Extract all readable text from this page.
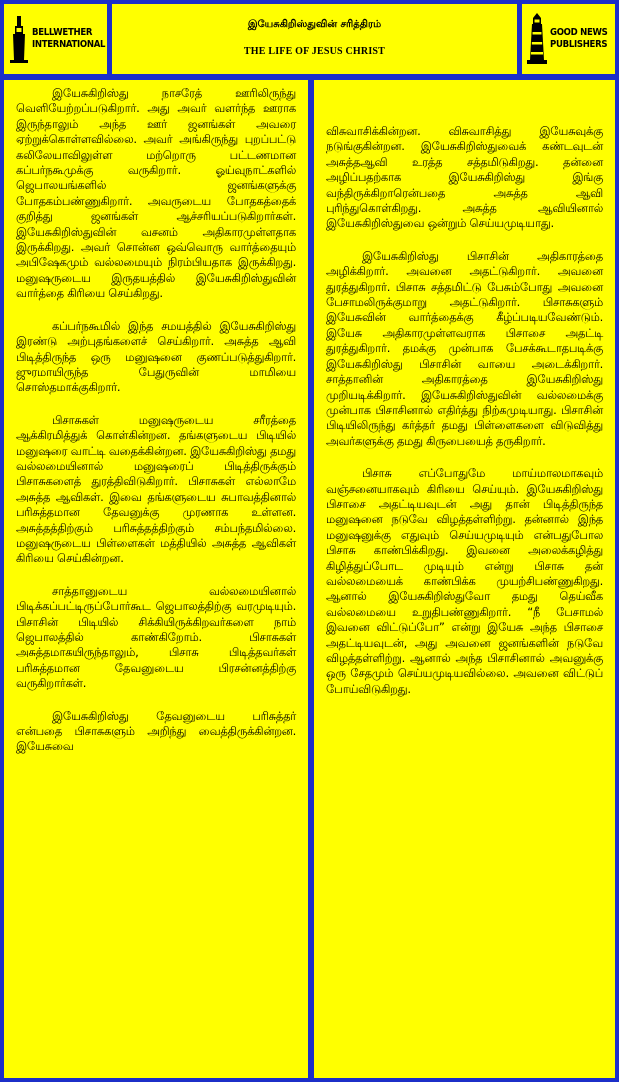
BELLWETHER
INTERNATIONAL
இயேசுகிறிஸ்துவின் சரித்திரம்
THE LIFE OF JESUS CHRIST
GOOD NEWS
PUBLISHERS

இயேசுகிறிஸ்து நாசரேத் ஊரிலிருந்து வெளியேற்றப்படுகிறார். அது அவர் வளர்ந்த ஊராக இருந்தாலும் அந்த ஊர் ஜனங்கள் அவரை ஏற்றுக்கொள்ளவில்லை. அவர் அங்கிருந்து புறப்பட்டு கலிலேயாவிலுள்ள மற்றொரு பட்டணமான கப்பர்நகூமுக்கு வருகிறார். ஓய்வுநாட்களில் ஜெபாலயங்களில் ஜனங்களுக்கு போதகம்பண்ணுகிறார். அவருடைய போதகத்தைக் குறித்து ஜனங்கள் ஆச்சரியப்படுகிறார்கள். இயேசுகிறிஸ்துவின் வசனம் அதிகாரமுள்ளதாக இருக்கிறது. அவர் சொன்ன ஒவ்வொரு வார்த்தையும் அபிஷேகமும் வல்லமையும் நிரம்பியதாக இருக்கிறது. மனுஷருடைய இருதயத்தில் இயேசுகிறிஸ்துவின் வார்த்தை கிரியை செய்கிறது.

கப்பர்நகூமில் இந்த சமயத்தில் இயேசுகிறிஸ்து இரண்டு அற்புதங்களைச் செய்கிறார். அசுத்த ஆவி பிடித்திருந்த ஒரு மனுஷனை குணப்படுத்துகிறார். ஜுரமாயிருந்த பேதுருவின் மாமியை சொஸ்தமாக்குகிறார்.

பிசாசுகள் மனுஷருடைய சரீரத்தை ஆக்கிரமித்துக் கொள்கின்றன. தங்களுடைய பிடியில் மனுஷரை வாட்டி வதைக்கின்றன. இயேசுகிறிஸ்து தமது வல்லமையினால் மனுஷரைப் பிடித்திருக்கும் பிசாசுகளைத் துரத்திவிடுகிறார். பிசாசுகள் எல்லாமே அசுத்த ஆவிகள். இவை தங்களுடைய சுபாவத்தினால் பரிசுத்தமான தேவனுக்கு முரணாக உள்ளன. அசுத்தத்திற்கும் பரிசுத்தத்திற்கும் சம்பந்தமில்லை. மனுஷருடைய பிள்ளைகள் மத்தியில் அசுத்த ஆவிகள் கிரியை செய்கின்றன.

சாத்தானுடைய வல்லமையினால் பிடிக்கப்பட்டிருப்போர்கூட ஜெபாலத்திற்கு வரமுடியும். பிசாசின் பிடியில் சிக்கியிருக்கிறவர்களை நாம் ஜெபாலத்தில் காண்கிறோம். பிசாசுகள் அசுத்தமாகயிருந்தாலும், பிசாசு பிடித்தவர்கள் பரிசுத்தமான தேவனுடைய பிரசன்னத்திற்கு வருகிறார்கள்.

இயேசுகிறிஸ்து தேவனுடைய பரிசுத்தர் என்பதை பிசாசுகளும் அறிந்து வைத்திருக்கின்றன. இயேசுவை

விசுவாசிக்கின்றன. விசுவாசித்து இயேசுவுக்கு நடுங்குகின்றன. இயேசுகிறிஸ்துவைக் கண்டவுடன் அசுத்தஆவி உரத்த சத்தமிடுகிறது. தன்னை அழிப்பதற்காக இயேசுகிறிஸ்து இங்கு வந்திருக்கிறாரென்பதை அசுத்த ஆவி புரிந்துகொள்கிறது. அசுத்த ஆவியினால் இயேசுகிறிஸ்துவை ஒன்றும் செய்யமுடியாது.

இயேசுகிறிஸ்து பிசாசின் அதிகாரத்தை அழிக்கிறார். அவனை அதட்டுகிறார். அவனை துரத்துகிறார். பிசாசு சத்தமிட்டு பேசும்போது அவனை பேசாமலிருக்குமாறு அதட்டுகிறார். பிசாசுகளும் இயேசுவின் வார்த்தைக்கு கீழ்ப்படியவேண்டும். இயேசு அதிகாரமுள்ளவராக பிசாசை அதட்டி துரத்துகிறார். தமக்கு முன்பாக பேசக்கூடாதபடிக்கு இயேசுகிறிஸ்து பிசாசின் வாயை அடைக்கிறார். சாத்தானின் அதிகாரத்தை இயேசுகிறிஸ்து முறியடிக்கிறார். இயேசுகிறிஸ்துவின் வல்லமைக்கு முன்பாக பிசாசினால் எதிர்த்து நிற்கமுடியாது. பிசாசின் பிடியிலிருந்து கர்த்தர் தமது பிள்ளைகளை விடுவித்து அவர்களுக்கு தமது கிருபையைத் தருகிறார்.

பிசாசு எப்போதுமே மாய்மாலமாகவும் வஞ்சனையாகவும் கிரியை செய்யும். இயேசுகிறிஸ்து பிசாசை அதட்டியவுடன் அது தான் பிடித்திருந்த மனுஷனை நடுவே விழத்தள்ளிற்று. தன்னால் இந்த மனுஷனுக்கு எதுவும் செய்யமுடியும் என்பதுபோல பிசாசு காண்பிக்கிறது. இவனை அலைக்கழித்து கிழித்துப்போட முடியும் என்று பிசாசு தன் வல்லமையைக் காண்பிக்க முயற்சிபண்ணுகிறது. ஆனால் இயேசுகிறிஸ்துவோ தமது தெய்வீக வல்லமையை உறுதிபண்ணுகிறார். “நீ பேசாமல் இவனை விட்டுப்போ” என்று இயேசு அந்த பிசாசை அதட்டியவுடன், அது அவனை ஜனங்களின் நடுவே விழத்தள்ளிற்று. ஆனால் அந்த பிசாசினால் அவனுக்கு ஒரு சேதமும் செய்யமுடியவில்லை. அவனை விட்டுப் போய்விடுகிறது.
